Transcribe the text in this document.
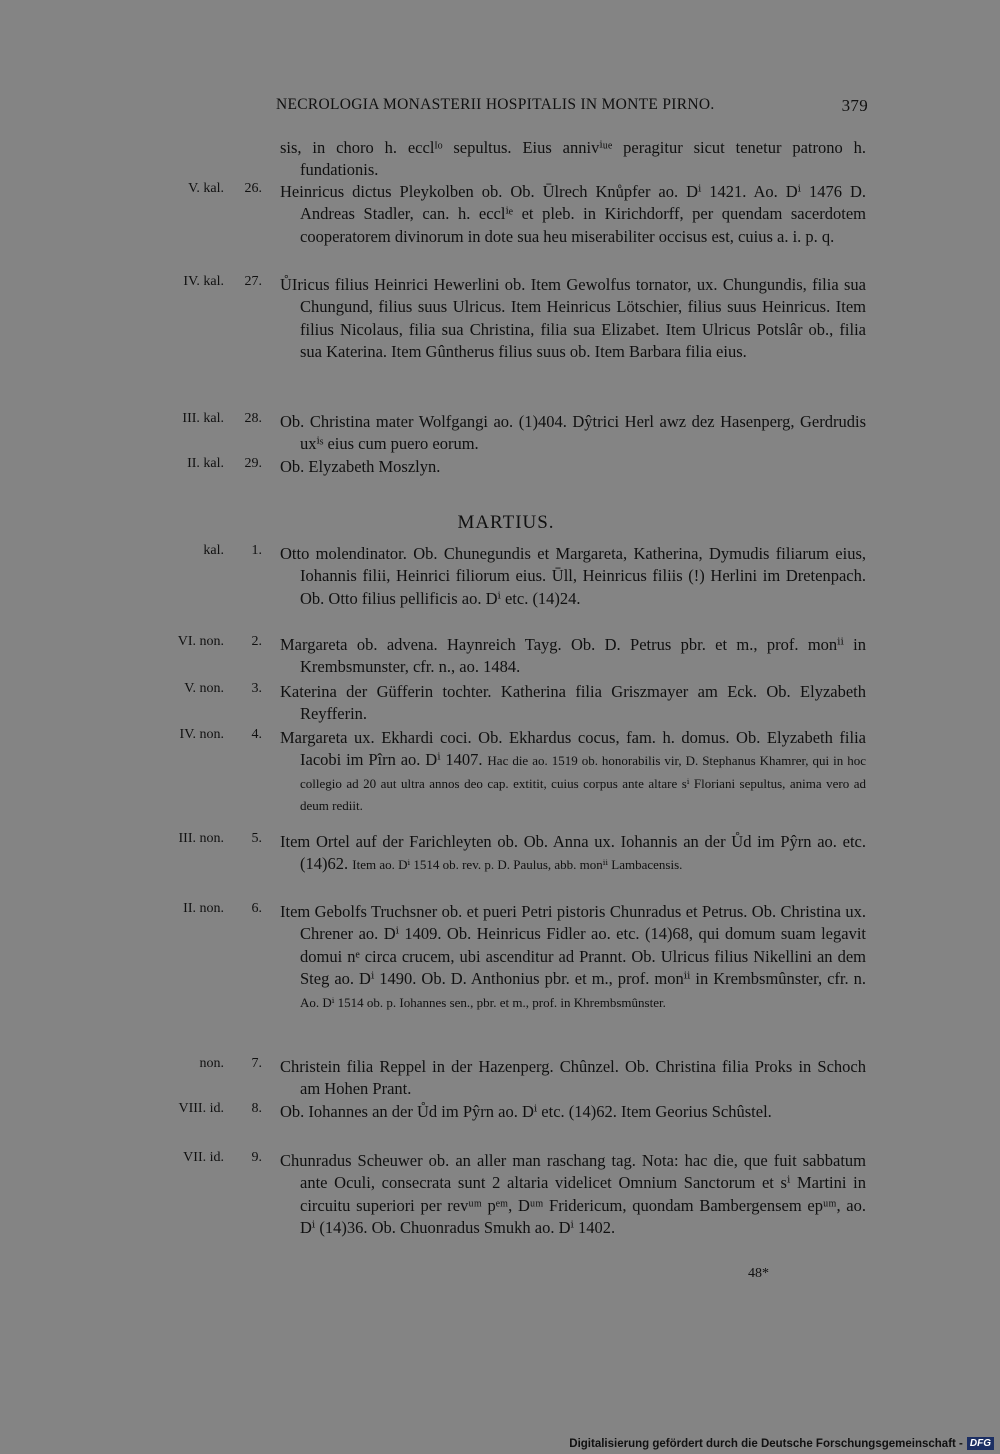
NECROLOGIA MONASTERII HOSPITALIS IN MONTE PIRNO.	379
sis, in choro h. ecclᴵᵒ sepultus. Eius annivⁱᵘᵉ peragitur sicut tenetur patrono h. fundationis.
V. kal. 26. Heinricus dictus Pleykolben ob. Ob. Ūlrech Knůpfer ao. Dⁱ 1421. Ao. Dⁱ 1476 D. Andreas Stadler, can. h. ecclⁱᵉ et pleb. in Kirichdorff, per quendam sacerdotem cooperatorem divinorum in dote sua heu miserabiliter occisus est, cuius a. i. p. q.
IV. kal. 27. ŮIricus filius Heinrici Hewerlini ob. Item Gewolfus tornator, ux. Chungundis, filia sua Chungund, filius suus Ulricus. Item Heinricus Lötschier, filius suus Heinricus. Item filius Nicolaus, filia sua Christina, filia sua Elizabet. Item Ulricus Potslâr ob., filia sua Katerina. Item Gûntherus filius suus ob. Item Barbara filia eius.
III. kal. 28. Ob. Christina mater Wolfgangi ao. (1)404. Dŷtrici Herl awz dez Hasenperg, Gerdrudis uxⁱˢ eius cum puero eorum.
II. kal. 29. Ob. Elyzabeth Moszlyn.
MARTIUS.
kal. 1. Otto molendinator. Ob. Chunegundis et Margareta, Katherina, Dymudis filiarum eius, Iohannis filii, Heinrici filiorum eius. Ūll, Heinricus filiis (!) Herlini im Dretenpach. Ob. Otto filius pellificis ao. Dⁱ etc. (14)24.
VI. non. 2. Margareta ob. advena. Haynreich Tayg. Ob. D. Petrus pbr. et m., prof. monⁱⁱ in Krembsmunster, cfr. n., ao. 1484.
V. non. 3. Katerina der Güfferin tochter. Katherina filia Griszmayer am Eck. Ob. Elyzabeth Reyfferin.
IV. non. 4. Margareta ux. Ekhardi coci. Ob. Ekhardus cocus, fam. h. domus. Ob. Elyzabeth filia Iacobi im Pîrn ao. Dⁱ 1407. Hac die ao. 1519 ob. honorabilis vir, D. Stephanus Khamrer, qui in hoc collegio ad 20 aut ultra annos deo cap. extitit, cuius corpus ante altare sⁱ Floriani sepultus, anima vero ad deum rediit.
III. non. 5. Item Ortel auf der Farichleyten ob. Ob. Anna ux. Iohannis an der Ůd im Pŷrn ao. etc. (14)62. Item ao. Dⁱ 1514 ob. rev. p. D. Paulus, abb. monⁱⁱ Lambacensis.
II. non. 6. Item Gebolfs Truchsner ob. et pueri Petri pistoris Chunradus et Petrus. Ob. Christina ux. Chrener ao. Dⁱ 1409. Ob. Heinricus Fidler ao. etc. (14)68, qui domum suam legavit domui nᵉ circa crucem, ubi ascenditur ad Prannt. Ob. Ulricus filius Nikellini an dem Steg ao. Dⁱ 1490. Ob. D. Anthonius pbr. et m., prof. monⁱⁱ in Krembsmûnster, cfr. n. Ao. Dⁱ 1514 ob. p. Iohannes sen., pbr. et m., prof. in Khrembsmûnster.
non. 7. Christein filia Reppel in der Hazenperg. Chûnzel. Ob. Christina filia Proks in Schoch am Hohen Prant.
VIII. id. 8. Ob. Iohannes an der Ůd im Pŷrn ao. Dⁱ etc. (14)62. Item Georius Schûstel.
VII. id. 9. Chunradus Scheuwer ob. an aller man raschang tag. Nota: hac die, que fuit sabbatum ante Oculi, consecrata sunt 2 altaria videlicet Omnium Sanctorum et sⁱ Martini in circuitu superiori per revᵘᵐ pᵉᵐ, Dᵘᵐ Fridericum, quondam Bambergensem epᵘᵐ, ao. Dⁱ (14)36. Ob. Chuonradus Smukh ao. Dⁱ 1402.
48*
Digitalisierung gefördert durch die Deutsche Forschungsgemeinschaft - DFG
